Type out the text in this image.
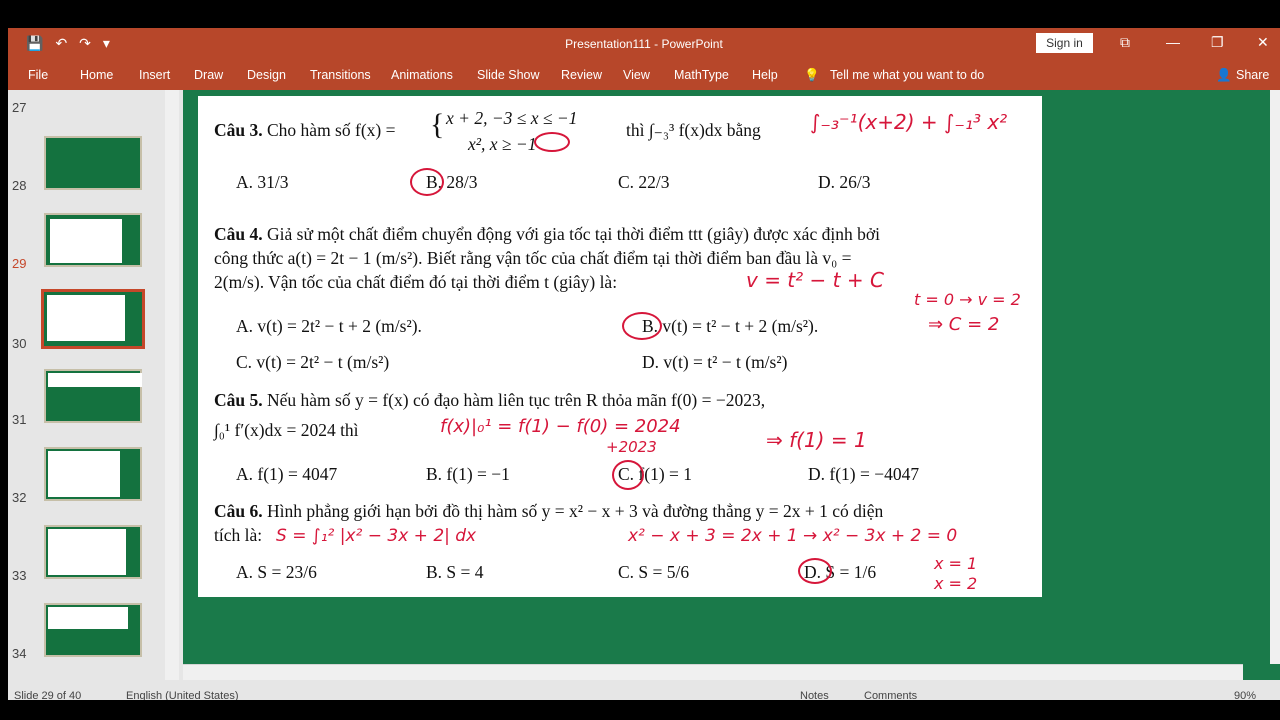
💾 ↶ ↷ ▾	Presentation111 - PowerPoint	Sign in	⧉	— ❐ ✕
File	Home Insert Draw Design Transitions Animations Slide Show Review View MathType Help 💡 Tell me what you want to do	👤 Share
27
28
29
30
31
32
33
34
Câu 3. Cho hàm số f(x) = { x + 2, −3 ≤ x ≤ −1
x², x ≥ −1
thì ∫₋₃³ f(x)dx bằng
A. 31/3	B. 28/3	C. 22/3	D. 26/3
Câu 4. Giả sử một chất điểm chuyển động với gia tốc tại thời điểm ttt (giây) được xác định bởi
công thức a(t) = 2t − 1 (m/s²). Biết rằng vận tốc của chất điểm tại thời điểm ban đầu là v₀ =
2(m/s). Vận tốc của chất điểm đó tại thời điểm t (giây) là:
A. v(t) = 2t² − t + 2 (m/s²).	B. v(t) = t² − t + 2 (m/s²).
C. v(t) = 2t² − t (m/s²)	D. v(t) = t² − t (m/s²)
Câu 5. Nếu hàm số y = f(x) có đạo hàm liên tục trên R thỏa mãn f(0) = −2023,
∫₀¹ f′(x)dx = 2024 thì
A. f(1) = 4047	B. f(1) = −1	C. f(1) = 1	D. f(1) = −4047
Câu 6. Hình phẳng giới hạn bởi đồ thị hàm số y = x² − x + 3 và đường thẳng y = 2x + 1 có diện
tích là:
A. S = 23/6	B. S = 4	C. S = 5/6	D. S = 1/6
∫₋₃⁻¹(x+2) + ∫₋₁³ x²
v = t² − t + C
t = 0 → v = 2
⇒ C = 2
f(x)|₀¹ = f(1) − f(0) = 2024
+2023	⇒ f(1) = 1
S = ∫₁² |x² − 3x + 2| dx	x² − x + 3 = 2x + 1 → x² − 3x + 2 = 0
x = 1
x = 2
Slide 29 of 40	English (United States)	Notes	Comments	90%
